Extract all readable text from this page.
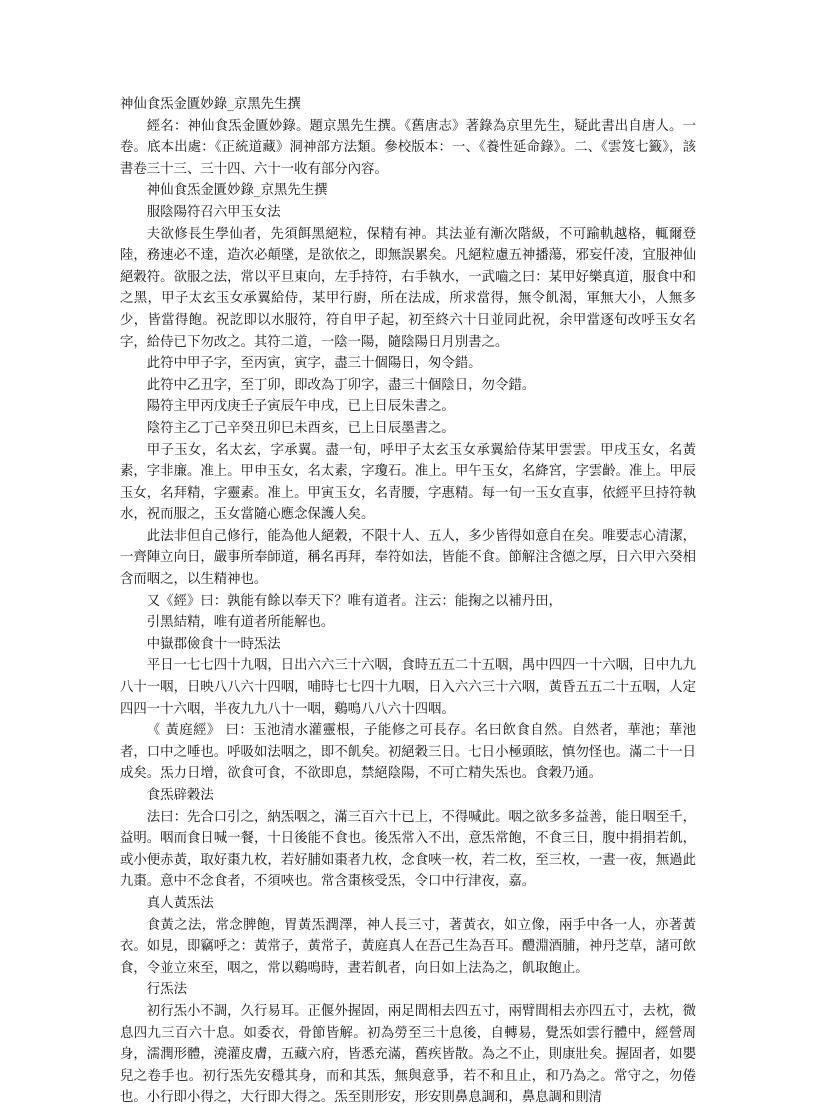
神仙食炁金匱妙錄_京黑先生撰

經名：神仙食炁金匱妙錄。題京黑先生撰。《舊唐志》著錄為京里先生，疑此書出自唐人。一卷。底本出處：《正統道藏》洞神部方法類。參校版本：一、《養性延命錄》。二、《雲笈七籤》，該書卷三十三、三十四、六十一收有部分內容。

神仙食炁金匱妙錄_京黑先生撰

服陰陽符召六甲玉女法

夫欲修長生學仙者，先須餌黑絕粒，保精有神。其法並有漸次階級，不可踰軌越格，輒爾登陸，務速必不達，造次必顛墜，是欲依之，即無誤累矣。凡絕粒慮五神播蕩，邪妄仟凌，宜服神仙絕穀符。欲服之法，常以平旦東向，左手持符，右手執水，一武嚙之曰：某甲好樂真道，服食中和之黑，甲子太玄玉女承翼給侍，某甲行廚，所在法成，所求當得，無令飢渴，軍無大小，人無多少，皆當得飽。祝訖即以水服符，符自甲子起，初至終六十日並同此祝，余甲當逐旬改呼玉女名字，給侍已下勿改之。其符二道，一陰一陽，隨陰陽日月別書之。

此符中甲子字，至丙寅，寅字，盡三十個陽日，匆令錯。

此符中乙丑字，至丁卯，即改為丁卯字，盡三十個陰日，勿令錯。

陽符主甲丙戊庚壬子寅辰午申戌，已上日辰朱書之。

陰符主乙丁己辛癸丑卯巳未酉亥，已上日辰墨書之。

甲子玉女，名太玄，字承翼。盡一旬，呼甲子太玄玉女承翼給侍某甲雲雲。甲戌玉女，名黃素，字非廉。准上。甲申玉女，名太素，字瓊石。准上。甲午玉女，名絳宮，字雲齡。准上。甲辰玉女，名拜精，字靈素。准上。甲寅玉女，名青腰，字惠精。每一旬一玉女直事，依經平旦持符執水，祝而服之，玉女當隨心應念保護人矣。

此法非但自己修行，能為他人絕穀，不限十人、五人，多少皆得如意自在矣。唯要志心清潔，一齊陣立向日，嚴事所奉師道，稱名再拜，奉符如法，皆能不食。節解注含德之厚，日六甲六癸相含而咽之，以生精神也。

又《經》曰：孰能有餘以奉天下？唯有道者。注云：能掬之以補丹田，

引黑結精，唯有道者所能解也。

中嶽郡儉食十一時炁法

平日一七七四十九咽，日出六六三十六咽，食時五五二十五咽，禺中四四一十六咽，日中九九八十一咽，日映八八六十四咽，哺時七七四十九咽，日入六六三十六咽，黃昏五五二十五咽，人定四四一十六咽，半夜九九八十一咽，鷄鳴八八六十四咽。

《 黃庭經》 曰：玉池清水灌靈根，子能修之可長存。名曰飲食自然。自然者，華池；華池者，口中之唾也。呼吸如法咽之，即不飢矣。初絕穀三日。七日小極頭眩，慎勿怪也。滿二十一日成矣。炁力日增，欲食可食，不欲即息，禁絕陰陽，不可亡精失炁也。食穀乃通。

食炁辟穀法

法曰：先合口引之，納炁咽之，滿三百六十已上，不得喊此。咽之欲多多益善，能日咽至千，益明。咽而食日喊一餐，十日後能不食也。後炁常入不出，意炁常飽，不食三日，腹中捐捐若飢，或小便赤黃，取好棗九枚，若好脯如棗者九枚，念食唊一枚，若二枚，至三枚，一晝一夜，無過此九棗。意中不念食者，不須唊也。常含棗核受炁，令口中行津夜，嘉。

真人黃炁法

食黃之法，常念脾飽，胃黃炁潤澤，神人長三寸，著黃衣，如立像，兩手中各一人，亦著黃衣。如見，即竊呼之：黃常子，黃常子，黃庭真人在吾己生為吾耳。醴淵酒脯，神丹芝草，諸可飲食，令並立來至，咽之，常以鷄鳴時，晝若飢者，向日如上法為之，飢取飽止。

行炁法

初行炁小不調，久行易耳。正偃外握固，兩足間相去四五寸，兩臂間相去亦四五寸，去枕，微息四九三百六十息。如委衣，骨節皆解。初為勞至三十息後，自轉易，覺炁如雲行體中，經營周身，濡潤形體，澆灌皮膚，五藏六府，皆悉充滿，舊疾皆散。為之不止，則康壯矣。握固者，如嬰兒之卷手也。初行炁先安穩其身，而和其炁，無與意爭，若不和且止，和乃為之。常守之，勿倦也。小行即小得之，大行即大得之。炁至則形安，形安則鼻息調和，鼻息調和則清
